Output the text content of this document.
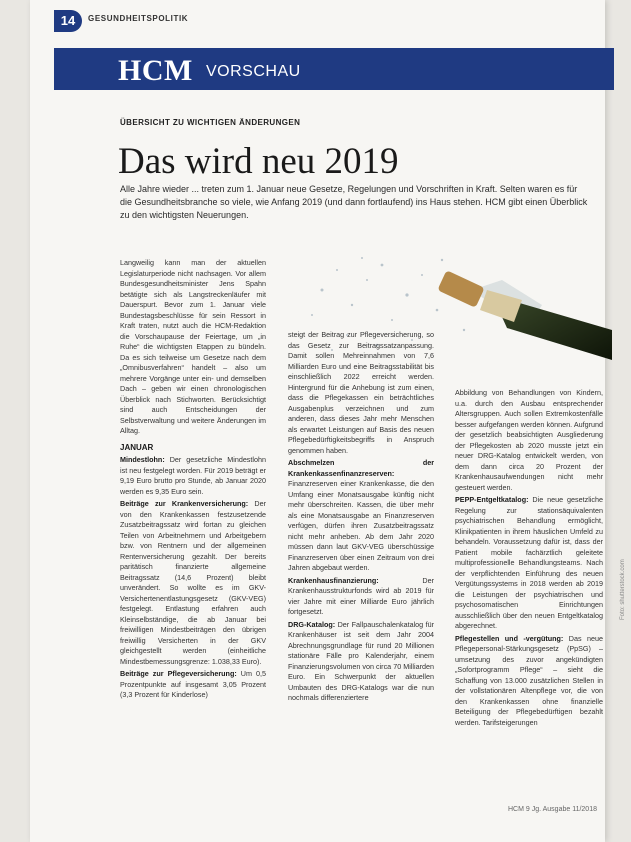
14	GESUNDHEITSPOLITIK
HCM VORSCHAU
ÜBERSICHT ZU WICHTIGEN ÄNDERUNGEN
Das wird neu 2019
Alle Jahre wieder ... treten zum 1. Januar neue Gesetze, Regelungen und Vorschriften in Kraft. Selten waren es für die Gesundheitsbranche so viele, wie Anfang 2019 (und dann fortlaufend) ins Haus stehen. HCM gibt einen Überblick zu den wichtigsten Neuerungen.

Langweilig kann man der aktuellen Legislaturperiode nicht nachsagen. Vor allem Bundesgesundheitsminister Jens Spahn betätigte sich als Langstreckenläufer mit Dauerspurt. Bevor zum 1. Januar viele Bundestagsbeschlüsse für sein Ressort in Kraft traten, nutzt auch die HCM-Redaktion die Vorschaupause der Feiertage, um „in Ruhe“ die wichtigsten Etappen zu bündeln. Da es sich teilweise um Gesetze nach dem „Omnibusverfahren“ handelt – also um mehrere Vorgänge unter ein- und demselben Dach – geben wir einen chronologischen Überblick nach Stichworten. Berücksichtigt sind auch Entscheidungen der Selbstverwaltung und weitere Änderungen im Alltag.

JANUAR

Mindestlohn: Der gesetzliche Mindestlohn ist neu festgelegt worden. Für 2019 beträgt er 9,19 Euro brutto pro Stunde, ab Januar 2020 werden es 9,35 Euro sein.

Beiträge zur Krankenversicherung: Der von den Krankenkassen festzusetzende Zusatzbeitragssatz wird fortan zu gleichen Teilen von Arbeitnehmern und Arbeitgebern bzw. von Rentnern und der allgemeinen Rentenversicherung gezahlt. Der bereits paritätisch finanzierte allgemeine Beitragssatz (14,6 Prozent) bleibt unverändert. So wollte es im GKV-Versichertenentlastungsgesetz (GKV-VEG) festgelegt. Entlastung erfahren auch Kleinselbständige, die ab Januar bei freiwilligen Mindestbeiträgen den übrigen freiwillig Versicherten in der GKV gleichgestellt werden (einheitliche Mindestbemessungsgrenze: 1.038,33 Euro).

Beiträge zur Pflegeversicherung: Um 0,5 Prozentpunkte auf insgesamt 3,05 Prozent (3,3 Prozent für Kinderlose)

steigt der Beitrag zur Pflegeversicherung, so das Gesetz zur Beitragssatzanpassung. Damit sollen Mehreinnahmen von 7,6 Milliarden Euro und eine Beitragsstabilität bis einschließlich 2022 erreicht werden. Hintergrund für die Anhebung ist zum einen, dass die Pflegekassen ein beträchtliches Ausgabenplus verzeichnen und zum anderen, dass dieses Jahr mehr Menschen als erwartet Leistungen auf Basis des neuen Pflegebedürftigkeitsbegriffs in Anspruch genommen haben.

Abschmelzen der Krankenkassenfinanzreserven: Finanzreserven einer Krankenkasse, die den Umfang einer Monatsausgabe künftig nicht mehr überschreiten. Kassen, die über mehr als eine Monatsausgabe an Finanzreserven verfügen, dürfen ihren Zusatzbeitragssatz nicht mehr anheben. Ab dem Jahr 2020 müssen dann laut GKV-VEG überschüssige Finanzreserven über einen Zeitraum von drei Jahren abgebaut werden.

Krankenhausfinanzierung: Der Krankenhausstrukturfonds wird ab 2019 für vier Jahre mit einer Milliarde Euro jährlich fortgesetzt.

DRG-Katalog: Der Fallpauschalenkatalog für Krankenhäuser ist seit dem Jahr 2004 Abrechnungsgrundlage für rund 20 Millionen stationäre Fälle pro Kalenderjahr, einem Finanzierungsvolumen von circa 70 Milliarden Euro. Ein Schwerpunkt der aktuellen Umbauten des DRG-Katalogs war die nun nochmals differenziertere

Abbildung von Behandlungen von Kindern, u.a. durch den Ausbau entsprechender Altersgruppen. Auch sollen Extremkostenfälle besser aufgefangen werden können. Aufgrund der gesetzlich beabsichtigten Ausgliederung der Pflegekosten ab 2020 musste jetzt ein neuer DRG-Katalog entwickelt werden, von dem dann circa 20 Prozent der Krankenhausaufwendungen nicht mehr gesteuert werden.

PEPP-Entgeltkatalog: Die neue gesetzliche Regelung zur stationsäquivalenten psychiatrischen Behandlung ermöglicht, Klinikpatienten in ihrem häuslichen Umfeld zu behandeln. Voraussetzung dafür ist, dass der Patient mobile fachärztlich geleitete multiprofessionelle Behandlungsteams. Nach der verpflichtenden Einführung des neuen Vergütungssystems in 2018 werden ab 2019 die Leistungen der psychiatrischen und psychosomatischen Einrichtungen ausschließlich über den neuen Entgeltkatalog abgerechnet.

Pflegestellen und -vergütung: Das neue Pflegepersonal-Stärkungsgesetz (PpSG) – umsetzung des zuvor angekündigten „Sofortprogramm Pflege“ – sieht die Schaffung von 13.000 zusätzlichen Stellen in der vollstationären Altenpflege vor, die von den Krankenkassen ohne finanzielle Beteiligung der Pflegebedürftigen bezahlt werden. Tarifsteigerungen

HCM 9 Jg. Ausgabe 11/2018
Foto: shutterstock.com
